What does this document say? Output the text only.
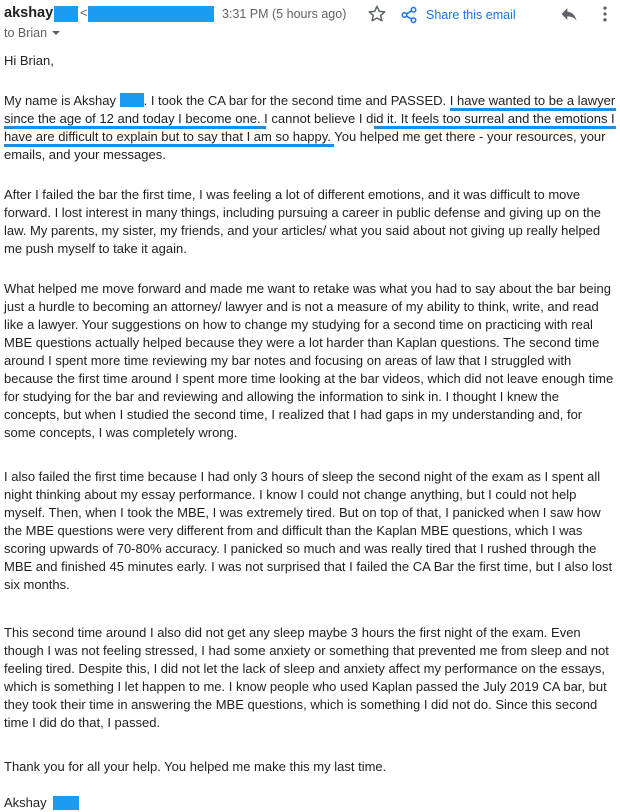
akshay <	3:31 PM (5 hours ago)	Share this email
to Brian

Hi Brian,

My name is Akshay . I took the CA bar for the second time and PASSED. I have wanted to be a lawyer since the age of 12 and today I become one. I cannot believe I did it. It feels too surreal and the emotions I have are difficult to explain but to say that I am so happy. You helped me get there - your resources, your emails, and your messages.

After I failed the bar the first time, I was feeling a lot of different emotions, and it was difficult to move forward. I lost interest in many things, including pursuing a career in public defense and giving up on the law. My parents, my sister, my friends, and your articles/ what you said about not giving up really helped me push myself to take it again.

What helped me move forward and made me want to retake was what you had to say about the bar being just a hurdle to becoming an attorney/ lawyer and is not a measure of my ability to think, write, and read like a lawyer. Your suggestions on how to change my studying for a second time on practicing with real MBE questions actually helped because they were a lot harder than Kaplan questions. The second time around I spent more time reviewing my bar notes and focusing on areas of law that I struggled with because the first time around I spent more time looking at the bar videos, which did not leave enough time for studying for the bar and reviewing and allowing the information to sink in. I thought I knew the concepts, but when I studied the second time, I realized that I had gaps in my understanding and, for some concepts, I was completely wrong.

I also failed the first time because I had only 3 hours of sleep the second night of the exam as I spent all night thinking about my essay performance. I know I could not change anything, but I could not help myself. Then, when I took the MBE, I was extremely tired. But on top of that, I panicked when I saw how the MBE questions were very different from and difficult than the Kaplan MBE questions, which I was scoring upwards of 70-80% accuracy. I panicked so much and was really tired that I rushed through the MBE and finished 45 minutes early. I was not surprised that I failed the CA Bar the first time, but I also lost six months.

This second time around I also did not get any sleep maybe 3 hours the first night of the exam. Even though I was not feeling stressed, I had some anxiety or something that prevented me from sleep and not feeling tired. Despite this, I did not let the lack of sleep and anxiety affect my performance on the essays, which is something I let happen to me. I know people who used Kaplan passed the July 2019 CA bar, but they took their time in answering the MBE questions, which is something I did not do. Since this second time I did do that, I passed.

Thank you for all your help. You helped me make this my last time.

Akshay
